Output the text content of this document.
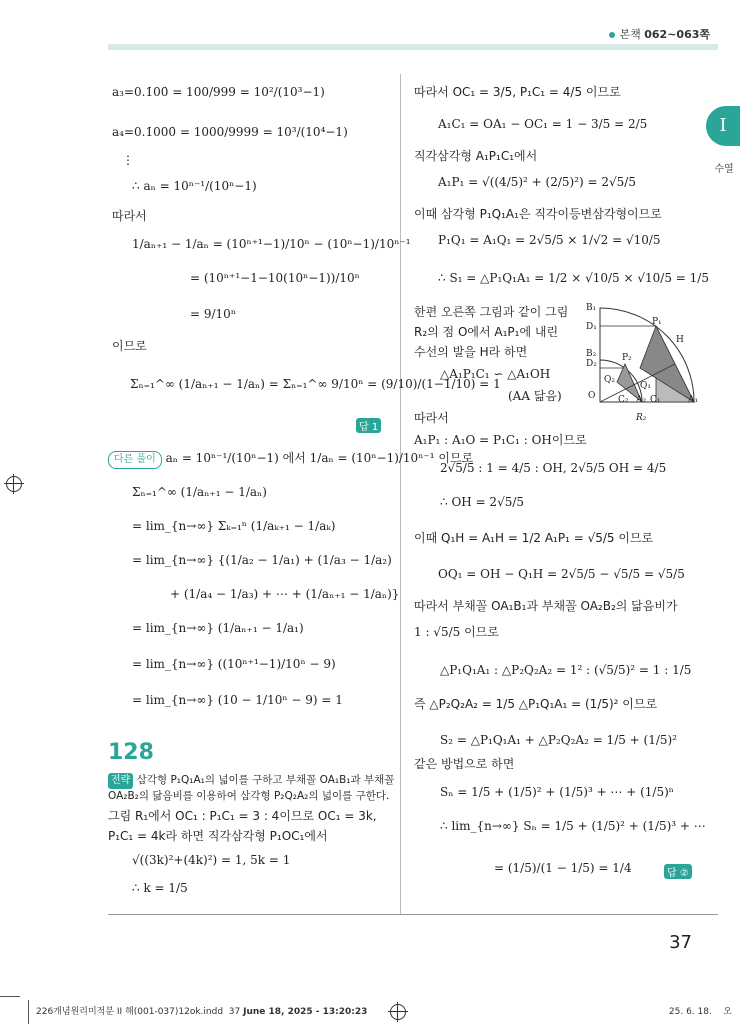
본책 062~063쪽
I
수열
a₃=0.1̇00̇ = 100/999 = 10²/(10³−1)
a₄=0.1̇000̇ = 1000/9999 = 10³/(10⁴−1)
⋮
∴ aₙ = 10ⁿ⁻¹/(10ⁿ−1)
따라서
1/aₙ₊₁ − 1/aₙ = (10ⁿ⁺¹−1)/10ⁿ − (10ⁿ−1)/10ⁿ⁻¹
= (10ⁿ⁺¹−1−10(10ⁿ−1))/10ⁿ
= 9/10ⁿ
이므로
Σₙ₌₁^∞ (1/aₙ₊₁ − 1/aₙ) = Σₙ₌₁^∞ 9/10ⁿ = (9/10)/(1−1/10) = 1
답 1
다른 풀이 aₙ = 10ⁿ⁻¹/(10ⁿ−1) 에서 1/aₙ = (10ⁿ−1)/10ⁿ⁻¹ 이므로
Σₙ₌₁^∞ (1/aₙ₊₁ − 1/aₙ)
= lim_{n→∞} Σₖ₌₁ⁿ (1/aₖ₊₁ − 1/aₖ)
= lim_{n→∞} {(1/a₂ − 1/a₁) + (1/a₃ − 1/a₂)
+ (1/a₄ − 1/a₃) + ⋯ + (1/aₙ₊₁ − 1/aₙ)}
= lim_{n→∞} (1/aₙ₊₁ − 1/a₁)
= lim_{n→∞} ((10ⁿ⁺¹−1)/10ⁿ − 9)
= lim_{n→∞} (10 − 1/10ⁿ − 9) = 1
128
전략 삼각형 P₁Q₁A₁의 넓이를 구하고 부채꼴 OA₁B₁과 부채꼴
OA₂B₂의 닮음비를 이용하여 삼각형 P₂Q₂A₂의 넓이를 구한다.
그림 R₁에서 OC₁ : P₁C₁ = 3 : 4이므로 OC₁ = 3k,
P₁C₁ = 4k라 하면 직각삼각형 P₁OC₁에서
√((3k)²+(4k)²) = 1, 5k = 1
∴ k = 1/5
따라서 OC₁ = 3/5, P₁C₁ = 4/5 이므로
A₁C₁ = OA₁ − OC₁ = 1 − 3/5 = 2/5
직각삼각형 A₁P₁C₁에서
A₁P₁ = √((4/5)² + (2/5)²) = 2√5/5
이때 삼각형 P₁Q₁A₁은 직각이등변삼각형이므로
P₁Q₁ = A₁Q₁ = 2√5/5 × 1/√2 = √10/5
∴ S₁ = △P₁Q₁A₁ = 1/2 × √10/5 × √10/5 = 1/5
한편 오른쪽 그림과 같이 그림
R₂의 점 O에서 A₁P₁에 내린
수선의 발을 H라 하면
△A₁P₁C₁ ∽ △A₁OH
(AA 닮음)
따라서
A₁P₁ : A₁O = P₁C₁ : OH이므로
2√5/5 : 1 = 4/5 : OH, 2√5/5 OH = 4/5
∴ OH = 2√5/5
이때 Q₁H = A₁H = 1/2 A₁P₁ = √5/5 이므로
OQ₁ = OH − Q₁H = 2√5/5 − √5/5 = √5/5
따라서 부채꼴 OA₁B₁과 부채꼴 OA₂B₂의 닮음비가
1 : √5/5 이므로
△P₁Q₁A₁ : △P₂Q₂A₂ = 1² : (√5/5)² = 1 : 1/5
즉 △P₂Q₂A₂ = 1/5 △P₁Q₁A₁ = (1/5)² 이므로
S₂ = △P₁Q₁A₁ + △P₂Q₂A₂ = 1/5 + (1/5)²
같은 방법으로 하면
Sₙ = 1/5 + (1/5)² + (1/5)³ + ⋯ + (1/5)ⁿ
∴ lim_{n→∞} Sₙ = 1/5 + (1/5)² + (1/5)³ + ⋯
= (1/5)/(1 − 1/5) = 1/4	답 ②
B₁
D₁	P₁
H
B₂
D₂
P₂
Q₂
Q₁
O	C₂ A₂ C₁	A₁
R₂
37
226개념원리미적분 II 해(001-037)12ok.indd 37 June 18, 2025 - 13:20:23	25. 6. 18. 오
